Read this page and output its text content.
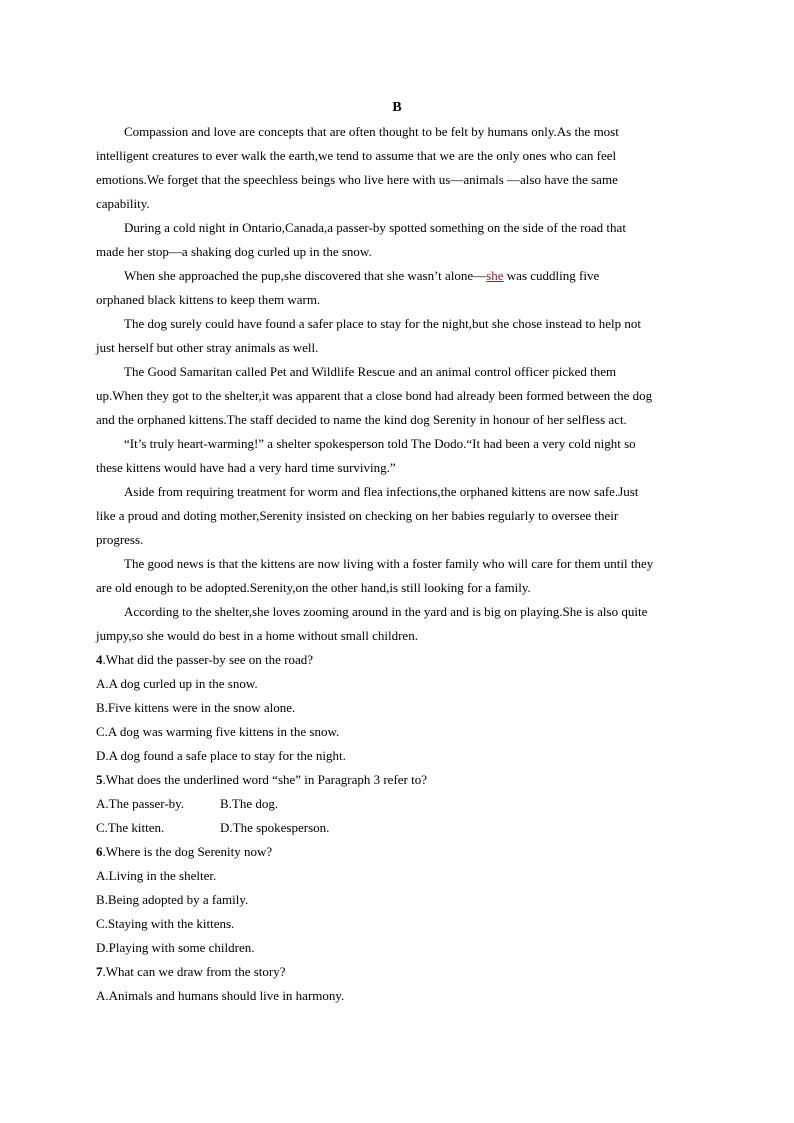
B
Compassion and love are concepts that are often thought to be felt by humans only.As the most
intelligent creatures to ever walk the earth,we tend to assume that we are the only ones who can feel
emotions.We forget that the speechless beings who live here with us—animals —also have the same
capability.
During a cold night in Ontario,Canada,a passer-by spotted something on the side of the road that
made her stop—a shaking dog curled up in the snow.
When she approached the pup,she discovered that she wasn’t alone—she was cuddling five
orphaned black kittens to keep them warm.
The dog surely could have found a safer place to stay for the night,but she chose instead to help not
just herself but other stray animals as well.
The Good Samaritan called Pet and Wildlife Rescue and an animal control officer picked them
up.When they got to the shelter,it was apparent that a close bond had already been formed between the dog
and the orphaned kittens.The staff decided to name the kind dog Serenity in honour of her selfless act.
“It’s truly heart-warming!” a shelter spokesperson told The Dodo.“It had been a very cold night so
these kittens would have had a very hard time surviving.”
Aside from requiring treatment for worm and flea infections,the orphaned kittens are now safe.Just
like a proud and doting mother,Serenity insisted on checking on her babies regularly to oversee their
progress.
The good news is that the kittens are now living with a foster family who will care for them until they
are old enough to be adopted.Serenity,on the other hand,is still looking for a family.
According to the shelter,she loves zooming around in the yard and is big on playing.She is also quite
jumpy,so she would do best in a home without small children.
4.What did the passer-by see on the road?
A.A dog curled up in the snow.
B.Five kittens were in the snow alone.
C.A dog was warming five kittens in the snow.
D.A dog found a safe place to stay for the night.
5.What does the underlined word “she” in Paragraph 3 refer to?
A.The passer-by.	B.The dog.
C.The kitten.	D.The spokesperson.
6.Where is the dog Serenity now?
A.Living in the shelter.
B.Being adopted by a family.
C.Staying with the kittens.
D.Playing with some children.
7.What can we draw from the story?
A.Animals and humans should live in harmony.
